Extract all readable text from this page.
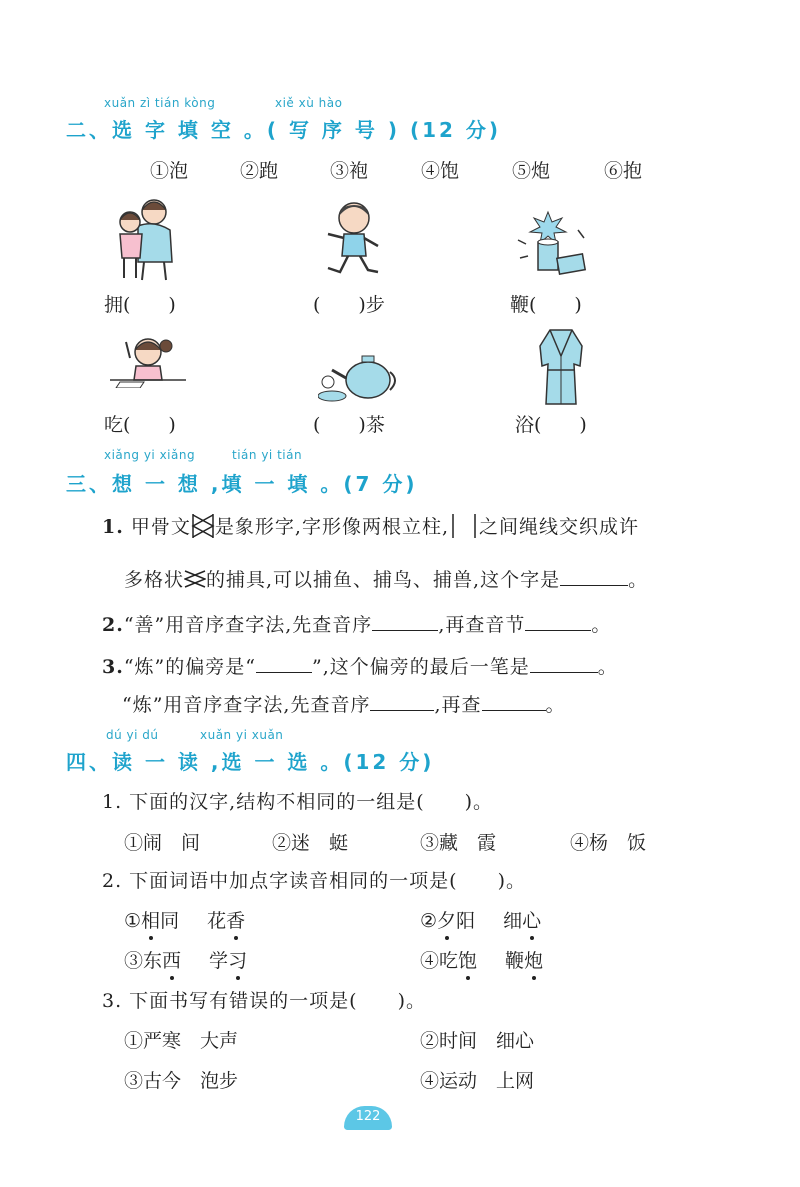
xuǎn zì tián kòng	xiě xù hào
二、选 字 填 空 。( 写 序 号 ) (12 分)
①泡	②跑	③袍	④饱	⑤炮	⑥抱
拥(　　)	(　　)步	鞭(　　)
吃(　　)	(　　)茶	浴(　　)
xiǎng yi xiǎng	tián yi tián
三、想 一 想 ,填 一 填 。(7 分)
1. 甲骨文 是象形字,字形像两根立柱, 之间绳线交织成许
多格状 的捕具,可以捕鱼、捕鸟、捕兽,这个字是	。
2.“善”用音序查字法,先查音序	,再查音节	。
3.“炼”的偏旁是“	”,这个偏旁的最后一笔是	。
“炼”用音序查字法,先查音序	,再查	。
dú yi dú	xuǎn yi xuǎn
四、读 一 读 ,选 一 选 。(12 分)
1. 下面的汉字,结构不相同的一组是(　　)。
①闹　间	②迷　蜓	③藏　霞	④杨　饭
2. 下面词语中加点字读音相同的一项是(　　)。
①相同 花香	②夕阳 细心
③东西 学习	④吃饱 鞭炮
3. 下面书写有错误的一项是(　　)。
①严寒　大声	②时间　细心
③古今　泡步	④运动　上网
122
